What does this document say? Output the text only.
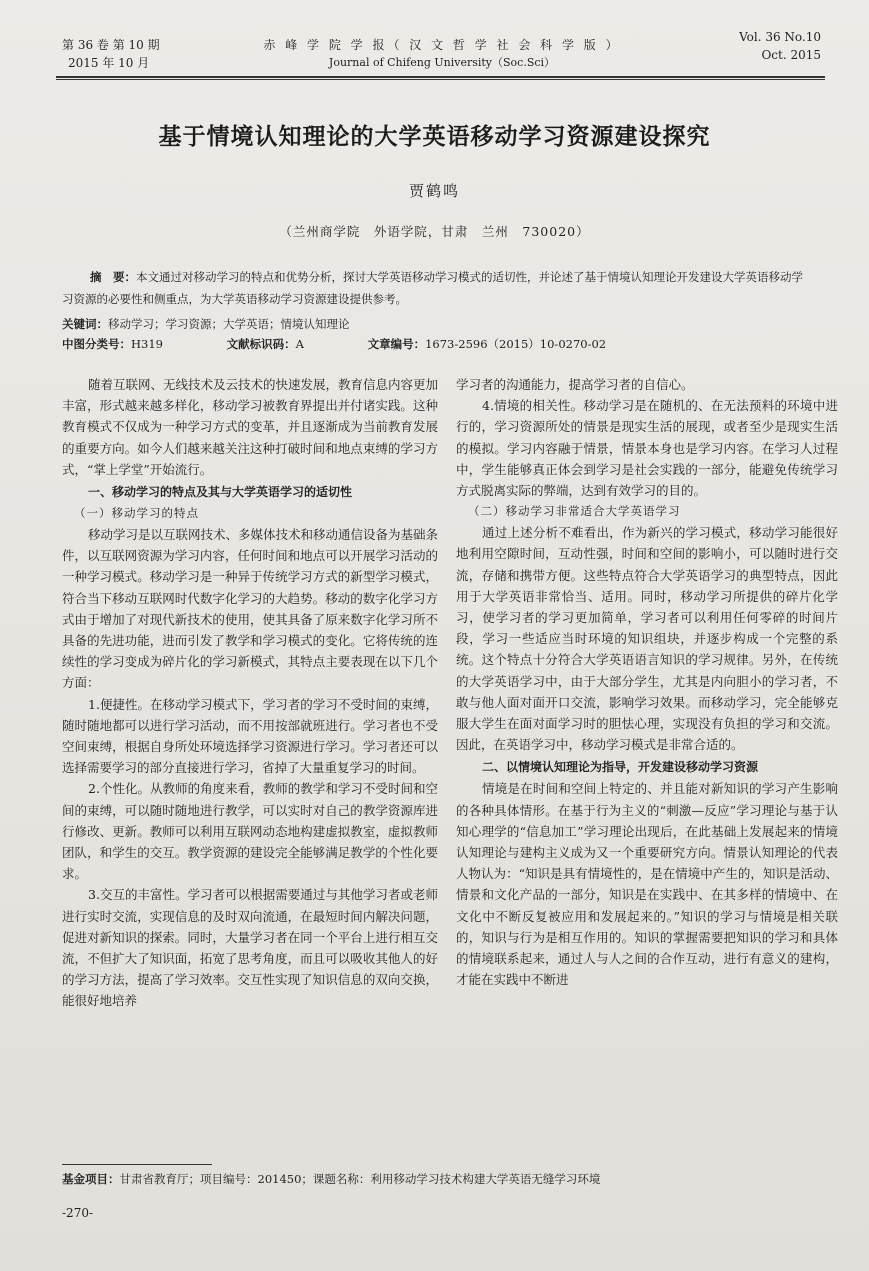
第 36 卷 第 10 期
2015 年 10 月
赤 峰 学 院 学 报（ 汉 文 哲 学 社 会 科 学 版 ）
Journal of Chifeng University（Soc.Sci）
Vol. 36 No.10
Oct. 2015
基于情境认知理论的大学英语移动学习资源建设探究
贾鹤鸣
（兰州商学院　外语学院，甘肃　兰州　730020）

摘　要：本文通过对移动学习的特点和优势分析，探讨大学英语移动学习模式的适切性，并论述了基于情境认知理论开发建设大学英语移动学习资源的必要性和侧重点，为大学英语移动学习资源建设提供参考。

关键词：移动学习；学习资源；大学英语；情境认知理论
中图分类号：H319	文献标识码：A	文章编号：1673-2596（2015）10-0270-02

随着互联网、无线技术及云技术的快速发展，教育信息内容更加丰富，形式越来越多样化，移动学习被教育界提出并付诸实践。这种教育模式不仅成为一种学习方式的变革，并且逐渐成为当前教育发展的重要方向。如今人们越来越关注这种打破时间和地点束缚的学习方式，“掌上学堂”开始流行。

一、移动学习的特点及其与大学英语学习的适切性
（一）移动学习的特点

移动学习是以互联网技术、多媒体技术和移动通信设备为基础条件，以互联网资源为学习内容，任何时间和地点可以开展学习活动的一种学习模式。移动学习是一种异于传统学习方式的新型学习模式，符合当下移动互联网时代数字化学习的大趋势。移动的数字化学习方式由于增加了对现代新技术的使用，使其具备了原来数字化学习所不具备的先进功能，进而引发了教学和学习模式的变化。它将传统的连续性的学习变成为碎片化的学习新模式，其特点主要表现在以下几个方面：

1.便捷性。在移动学习模式下，学习者的学习不受时间的束缚，随时随地都可以进行学习活动，而不用按部就班进行。学习者也不受空间束缚，根据自身所处环境选择学习资源进行学习。学习者还可以选择需要学习的部分直接进行学习，省掉了大量重复学习的时间。

2.个性化。从教师的角度来看，教师的教学和学习不受时间和空间的束缚，可以随时随地进行教学，可以实时对自己的教学资源库进行修改、更新。教师可以利用互联网动态地构建虚拟教室，虚拟教师团队，和学生的交互。教学资源的建设完全能够满足教学的个性化要求。

3.交互的丰富性。学习者可以根据需要通过与其他学习者或老师进行实时交流，实现信息的及时双向流通，在最短时间内解决问题，促进对新知识的探索。同时，大量学习者在同一个平台上进行相互交流，不但扩大了知识面，拓宽了思考角度，而且可以吸收其他人的好的学习方法，提高了学习效率。交互性实现了知识信息的双向交换，能很好地培养

学习者的沟通能力，提高学习者的自信心。

4.情境的相关性。移动学习是在随机的、在无法预料的环境中进行的，学习资源所处的情景是现实生活的展现，或者至少是现实生活的模拟。学习内容融于情景，情景本身也是学习内容。在学习人过程中，学生能够真正体会到学习是社会实践的一部分，能避免传统学习方式脱离实际的弊端，达到有效学习的目的。

（二）移动学习非常适合大学英语学习

通过上述分析不难看出，作为新兴的学习模式，移动学习能很好地利用空隙时间，互动性强，时间和空间的影响小，可以随时进行交流，存储和携带方便。这些特点符合大学英语学习的典型特点，因此用于大学英语非常恰当、适用。同时，移动学习所提供的碎片化学习，使学习者的学习更加简单，学习者可以利用任何零碎的时间片段，学习一些适应当时环境的知识组块，并逐步构成一个完整的系统。这个特点十分符合大学英语语言知识的学习规律。另外，在传统的大学英语学习中，由于大部分学生，尤其是内向胆小的学习者，不敢与他人面对面开口交流，影响学习效果。而移动学习，完全能够克服大学生在面对面学习时的胆怯心理，实现没有负担的学习和交流。因此，在英语学习中，移动学习模式是非常合适的。

二、以情境认知理论为指导，开发建设移动学习资源

情境是在时间和空间上特定的、并且能对新知识的学习产生影响的各种具体情形。在基于行为主义的“刺激—反应”学习理论与基于认知心理学的“信息加工”学习理论出现后，在此基础上发展起来的情境认知理论与建构主义成为又一个重要研究方向。情景认知理论的代表人物认为：“知识是具有情境性的，是在情境中产生的，知识是活动、情景和文化产品的一部分，知识是在实践中、在其多样的情境中、在文化中不断反复被应用和发展起来的。”知识的学习与情境是相关联的，知识与行为是相互作用的。知识的掌握需要把知识的学习和具体的情境联系起来，通过人与人之间的合作互动，进行有意义的建构，才能在实践中不断进

基金项目：甘肃省教育厅；项目编号：201450；课题名称：利用移动学习技术构建大学英语无缝学习环境
-270-
